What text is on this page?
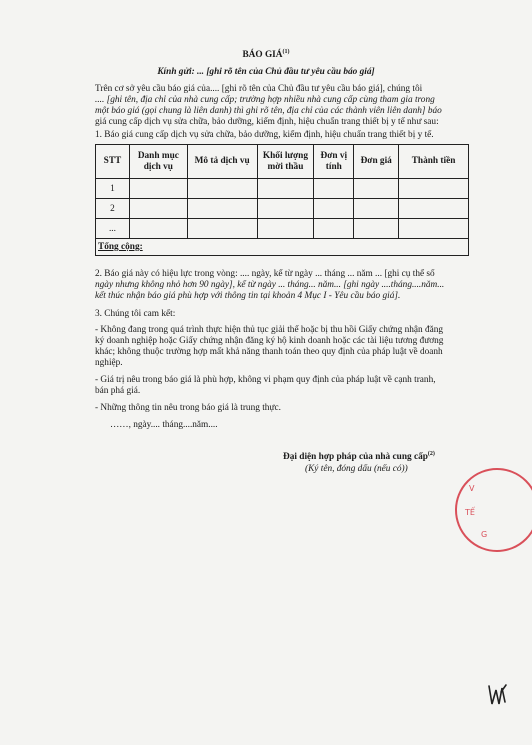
BÁO GIÁ$^{(1)}$
Kính gửi: ... [ghi rõ tên của Chủ đầu tư yêu cầu báo giá]
Trên cơ sở yêu cầu báo giá của.... [ghi rõ tên của Chủ đầu tư yêu cầu báo giá], chúng tôi
.... [ghi tên, địa chỉ của nhà cung cấp; trường hợp nhiều nhà cung cấp cùng tham gia trong
một báo giá (gọi chung là liên danh) thì ghi rõ tên, địa chỉ của các thành viên liên danh] báo
giá cung cấp dịch vụ sửa chữa, bảo dưỡng, kiểm định, hiệu chuẩn trang thiết bị y tế như sau:
1. Báo giá cung cấp dịch vụ sửa chữa, bảo dưỡng, kiểm định, hiệu chuẩn trang thiết bị y tế.
STT	Danh mục dịch vụ	Mô tả dịch vụ	Khối lượng mời thầu	Đơn vị tính	Đơn giá	Thành tiền
1						
2						
...						
Tổng cộng:						
2. Báo giá này có hiệu lực trong vòng: .... ngày, kể từ ngày ... tháng ... năm ... [ghi cụ thể số
ngày nhưng không nhỏ hơn 90 ngày], kể từ ngày ... tháng... năm... [ghi ngày ....tháng....năm...
kết thúc nhận báo giá phù hợp với thông tin tại khoản 4 Mục I - Yêu cầu báo giá].
3. Chúng tôi cam kết:
- Không đang trong quá trình thực hiện thủ tục giải thể hoặc bị thu hồi Giấy chứng nhận đăng
ký doanh nghiệp hoặc Giấy chứng nhận đăng ký hộ kinh doanh hoặc các tài liệu tương đương
khác; không thuộc trường hợp mất khả năng thanh toán theo quy định của pháp luật về doanh
nghiệp.
- Giá trị nêu trong báo giá là phù hợp, không vi phạm quy định của pháp luật về cạnh tranh,
bán phá giá.
- Những thông tin nêu trong báo giá là trung thực.
……, ngày.... tháng....năm....
Đại diện hợp pháp của nhà cung cấp$^{(2)}$
(Ký tên, đóng dấu (nếu có))
V
TẾ
G
